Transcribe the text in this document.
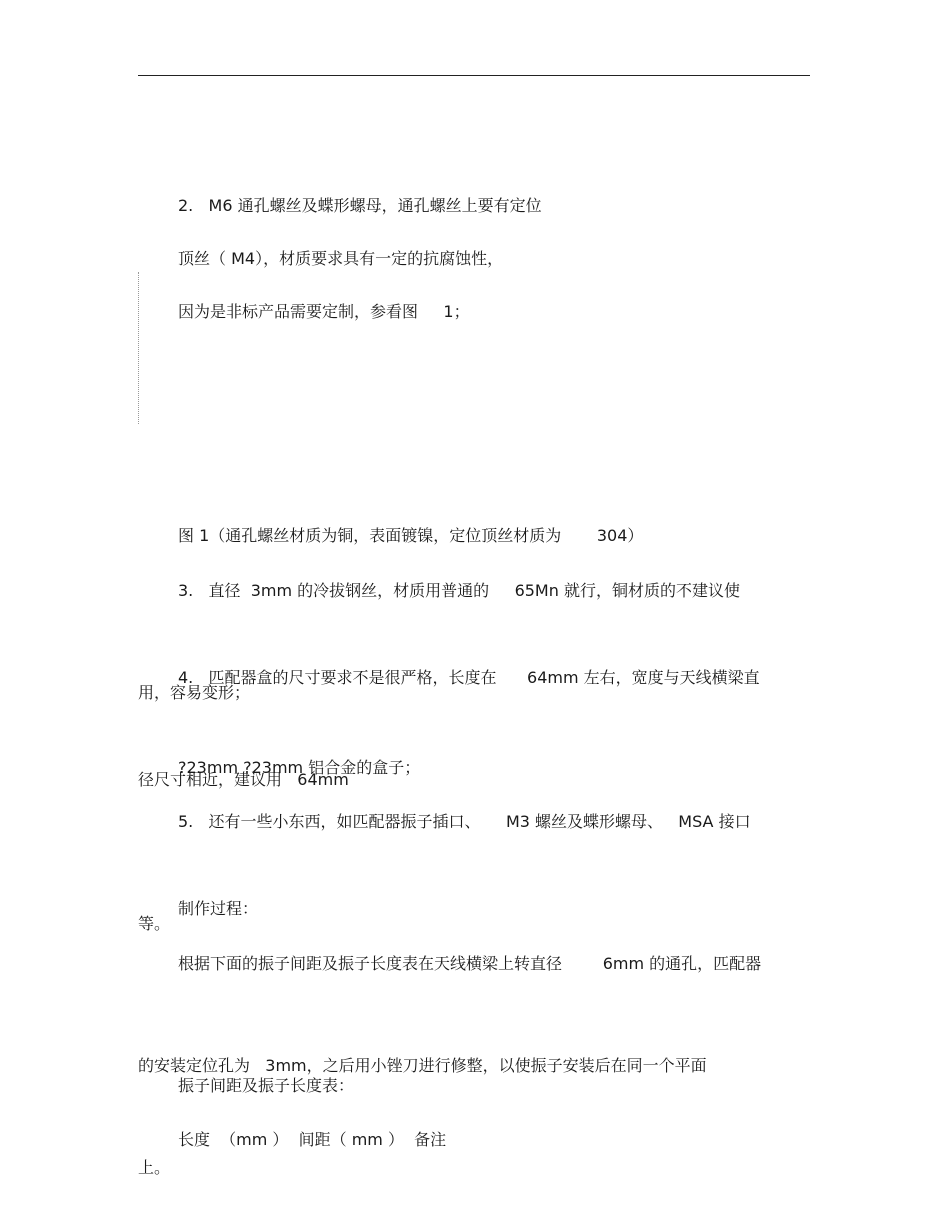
2.   M6 通孔螺丝及蝶形螺母，通孔螺丝上要有定位

顶丝（ M4），材质要求具有一定的抗腐蚀性，

因为是非标产品需要定制，参看图     1；

图 1（通孔螺丝材质为铜，表面镀镍，定位顶丝材质为       304）

3.   直径  3mm 的冷拔钢丝，材质用普通的     65Mn 就行，铜材质的不建议使

用，容易变形；

4.   匹配器盒的尺寸要求不是很严格，长度在      64mm 左右，宽度与天线横梁直

径尺寸相近，建议用   64mm

?23mm ?23mm 铝合金的盒子；

5.   还有一些小东西，如匹配器振子插口、     M3 螺丝及蝶形螺母、   MSA 接口

等。

制作过程：

根据下面的振子间距及振子长度表在天线横梁上转直径        6mm 的通孔，匹配器

的安装定位孔为   3mm，之后用小锉刀进行修整，以使振子安装后在同一个平面

上。

振子间距及振子长度表：

长度  （mm ）  间距（ mm ）  备注
